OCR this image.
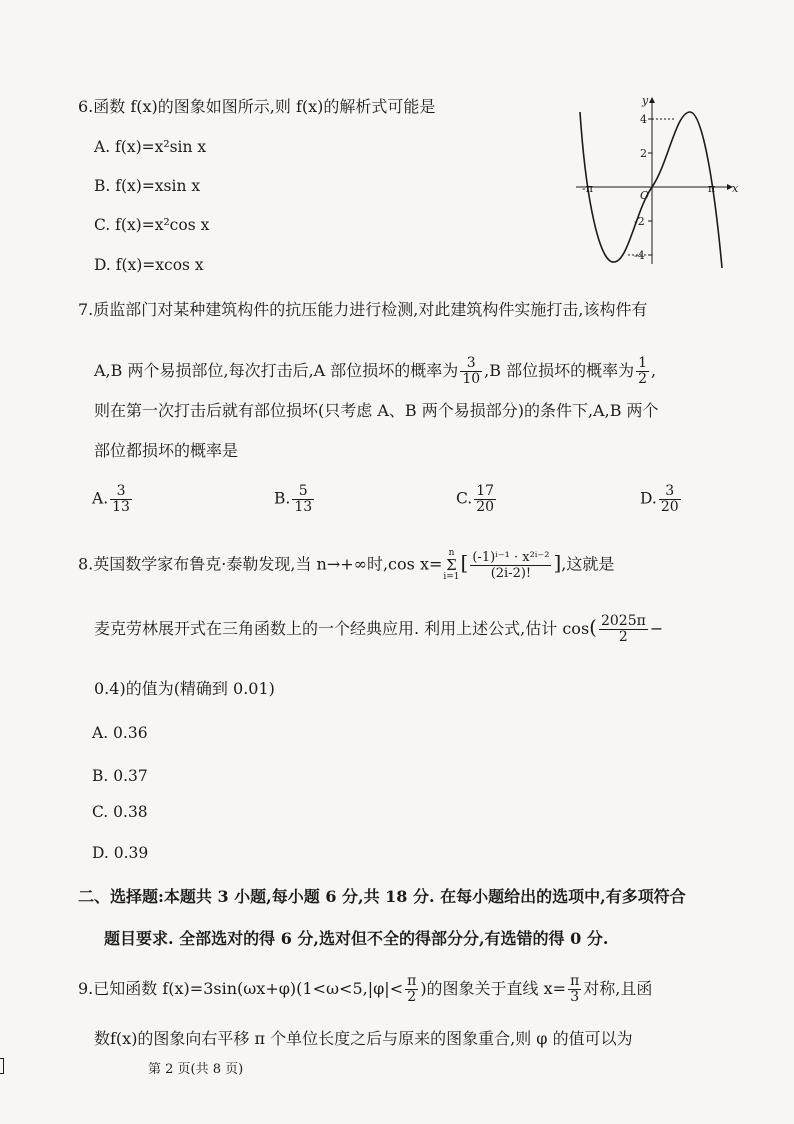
6.函数 f(x)的图象如图所示,则 f(x)的解析式可能是
A. f(x)=x²sin x
B. f(x)=xsin x
C. f(x)=x²cos x
D. f(x)=xcos x
y
x
O
-π	π
4
2
-2
-4
7.质监部门对某种建筑构件的抗压能力进行检测,对此建筑构件实施打击,该构件有
A,B 两个易损部位,每次打击后,A 部位损坏的概率为 $\frac{3}{10} ,B$ 部位损坏的概率为 $\frac{1}{2}$ ,
则在第一次打击后就有部位损坏(只考虑 A、B 两个易损部分)的条件下,A,B 两个
部位都损坏的概率是
A. $\frac{3}{13}$	B. $\frac{5}{13}$	C. $\frac{17}{20}$	D. $\frac{3}{20}$
8.英国数学家布鲁克·泰勒发现,当 n→+∞时,cos x=
n
Σ
i=1
[ $\frac{\text{(-1)ⁱ⁻¹ · x²ⁱ⁻²}}{(2i-2)!}$ ],这就是
麦克劳林展开式在三角函数上的一个经典应用. 利用上述公式,估计 $\cos( \frac{2025\pi}{2}$ −
0.4)的值为(精确到 0.01)
A. 0.36
B. 0.37
C. 0.38
D. 0.39
二、选择题:本题共 3 小题,每小题 6 分,共 18 分. 在每小题给出的选项中,有多项符合
题目要求. 全部选对的得 6 分,选对但不全的得部分分,有选错的得 0 分.
9.已知函数 $f(x)=3\sin(\omega x+\varphi)(1<\omega<5,|\varphi|< \frac{\pi}{2}$ )的图象关于直线 $x= \frac{\pi}{3}$ 对称,且函
数f(x)的图象向右平移 π 个单位长度之后与原来的图象重合,则 φ 的值可以为
第 2 页(共 8 页)
